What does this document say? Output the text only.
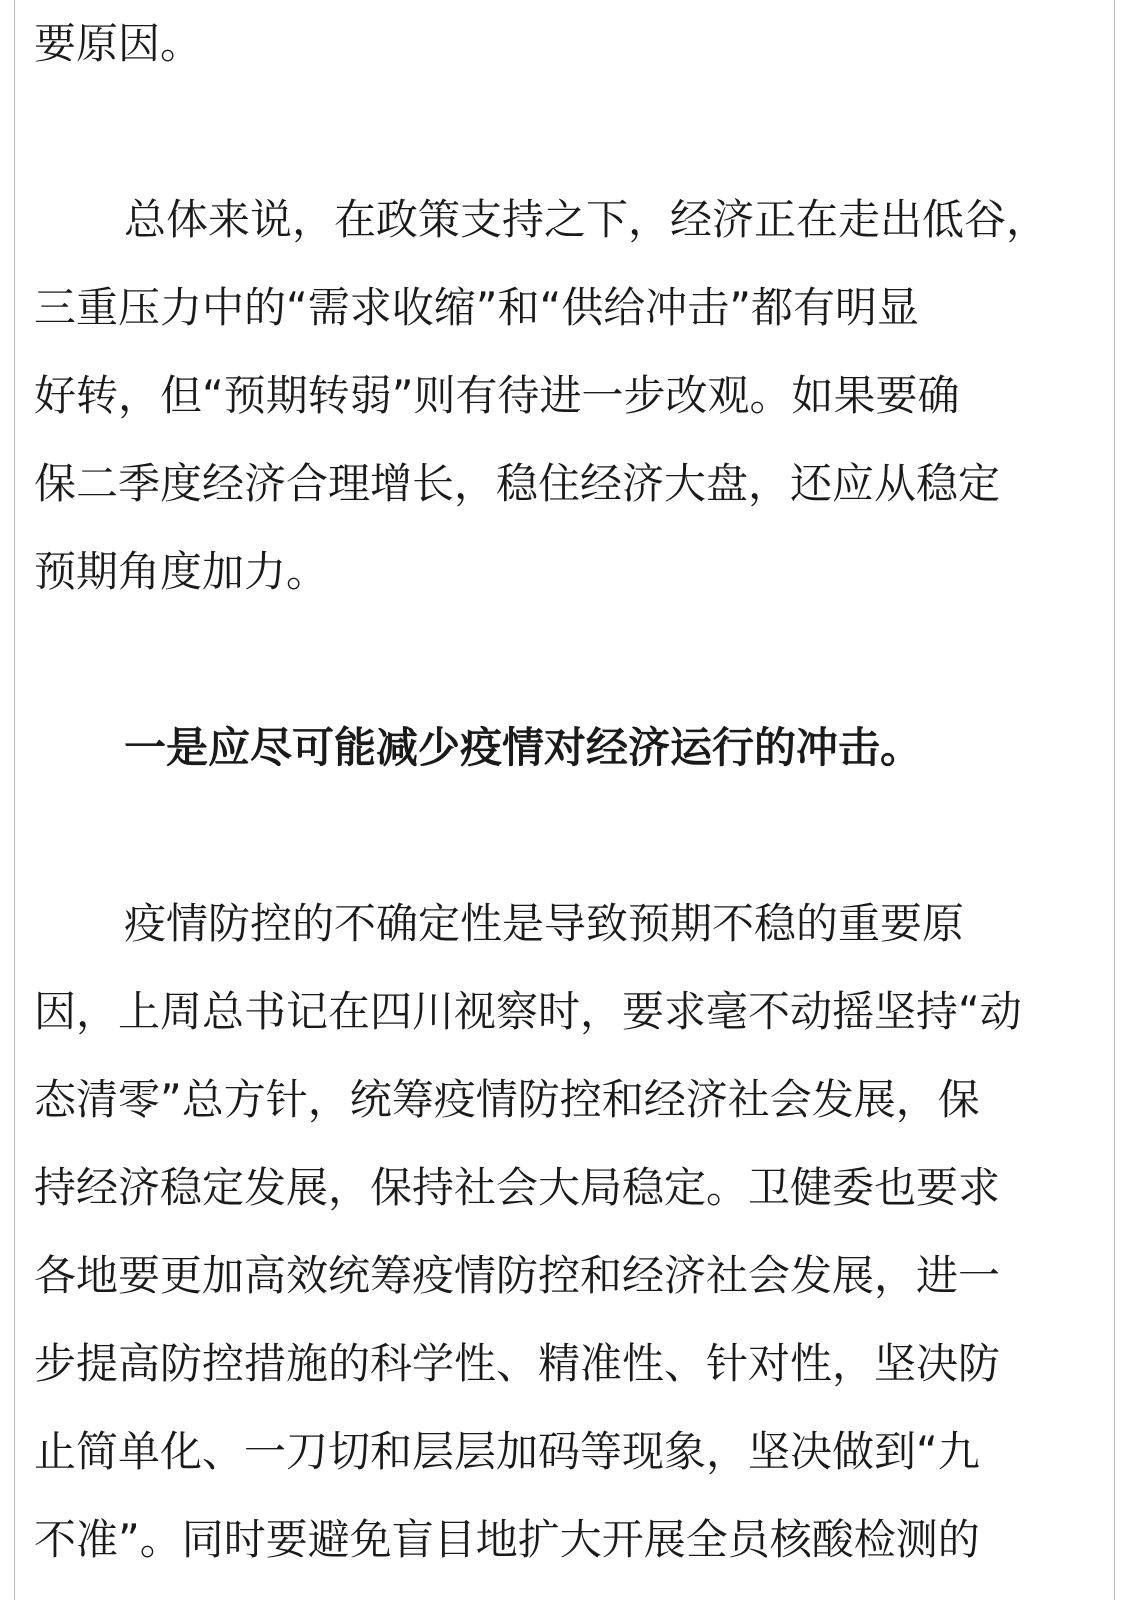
要原因。
总体来说，在政策支持之下，经济正在走出低谷，
三重压力中的“需求收缩”和“供给冲击”都有明显
好转，但“预期转弱”则有待进一步改观。如果要确
保二季度经济合理增长，稳住经济大盘，还应从稳定
预期角度加力。
一是应尽可能减少疫情对经济运行的冲击。
疫情防控的不确定性是导致预期不稳的重要原
因，上周总书记在四川视察时，要求毫不动摇坚持“动
态清零”总方针，统筹疫情防控和经济社会发展，保
持经济稳定发展，保持社会大局稳定。卫健委也要求
各地要更加高效统筹疫情防控和经济社会发展，进一
步提高防控措施的科学性、精准性、针对性，坚决防
止简单化、一刀切和层层加码等现象，坚决做到“九
不准”。同时要避免盲目地扩大开展全员核酸检测的
